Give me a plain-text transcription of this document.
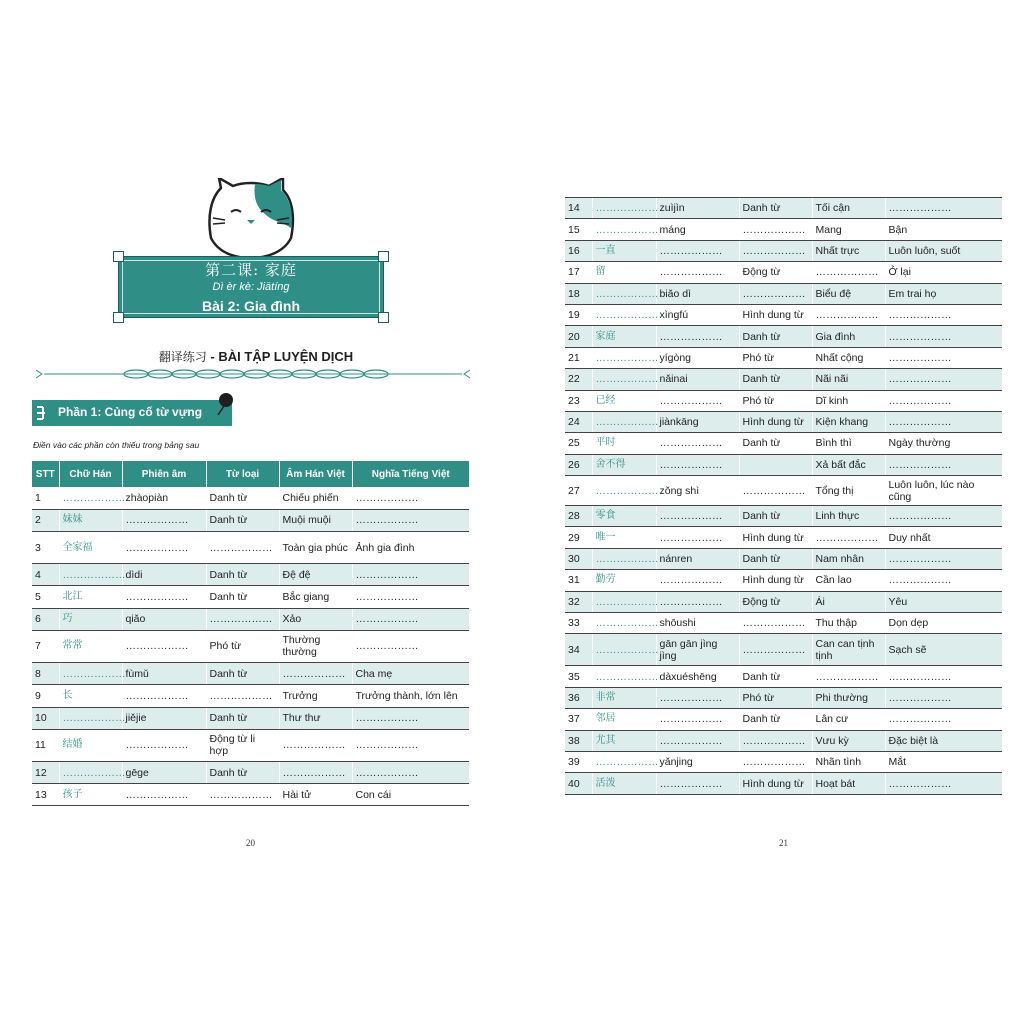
第二课: 家庭
Dì èr kè: Jiātíng
Bài 2: Gia đình
翻译练习 - BÀI TẬP LUYỆN DỊCH
Phần 1: Củng cố từ vựng
Điền vào các phần còn thiếu trong bảng sau
STT	Chữ Hán	Phiên âm	Từ loại	Âm Hán Việt	Nghĩa Tiếng Việt
1	………………	zhàopiàn	Danh từ	Chiếu phiến	………………
2	妹妹	………………	Danh từ	Muội muội	………………
3	全家福	………………	………………	Toàn gia phúc	Ảnh gia đình
4	………………	dìdi	Danh từ	Đệ đệ	………………
5	北江	………………	Danh từ	Bắc giang	………………
6	巧	qiǎo	………………	Xảo	………………
7	常常	………………	Phó từ	Thường thường	………………
8	………………	fùmǔ	Danh từ	………………	Cha mẹ
9	长	………………	………………	Trưởng	Trưởng thành, lớn lên
10	………………	jiějie	Danh từ	Thư thư	………………
11	结婚	………………	Động từ li hợp	………………	………………
12	………………	gēge	Danh từ	………………	………………
13	孩子	………………	………………	Hài tử	Con cái
20	21
14	………………	zuìjìn	Danh từ	Tối cận	………………
15	………………	máng	………………	Mang	Bận
16	一直	………………	………………	Nhất trực	Luôn luôn, suốt
17	留	………………	Động từ	………………	Ở lại
18	………………	biǎo dì	………………	Biểu đệ	Em trai họ
19	………………	xìngfú	Hình dung từ	………………	………………
20	家庭	………………	Danh từ	Gia đình	………………
21	………………	yígòng	Phó từ	Nhất cộng	………………
22	………………	nǎinai	Danh từ	Nãi nãi	………………
23	已经	………………	Phó từ	Dĩ kinh	………………
24	………………	jiànkāng	Hình dung từ	Kiện khang	………………
25	平时	………………	Danh từ	Bình thì	Ngày thường
26	舍不得	………………		Xả bất đắc	………………
27	………………	zǒng shì	………………	Tổng thị	Luôn luôn, lúc nào cũng
28	零食	………………	Danh từ	Linh thực	………………
29	唯一	………………	Hình dung từ	………………	Duy nhất
30	………………	nánren	Danh từ	Nam nhân	………………
31	勤劳	………………	Hình dung từ	Cần lao	………………
32	………………	………………	Động từ	Ái	Yêu
33	………………	shōushi	………………	Thu thập	Dọn dẹp
34	………………	gān gān jìng jìng	………………	Can can tịnh tịnh	Sạch sẽ
35	………………	dàxuéshēng	Danh từ	………………	………………
36	非常	………………	Phó từ	Phi thường	………………
37	邻居	………………	Danh từ	Lân cư	………………
38	尤其	………………	………………	Vưu kỳ	Đặc biệt là
39	………………	yǎnjing	………………	Nhãn tình	Mắt
40	活泼	………………	Hình dung từ	Hoạt bát	………………
